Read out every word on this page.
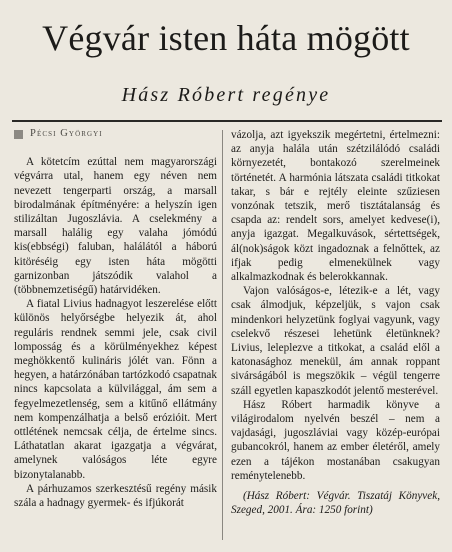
Végvár isten háta mögött
Hász Róbert regénye
Pécsi Györgyi

A kötetcím ezúttal nem magyarországi végvárra utal, hanem egy néven nem nevezett tengerparti ország, a marsall birodalmának építményére: a helyszín igen stilizáltan Jugoszlávia. A cselekmény a marsall halálig egy valaha jómódú kis(ebbségi) faluban, halálától a háború kitöréséig egy isten háta mögötti garnizonban játszódik valahol a (többnemzetiségű) határvidéken.

A fiatal Livius hadnagyot leszerelése előtt különös helyőrségbe helyezik át, ahol reguláris rendnek semmi jele, csak civil lomposság és a körülményekhez képest meghökkentő kulináris jólét van. Fönn a hegyen, a határzónában tartózkodó csapatnak nincs kapcsolata a külvilággal, ám sem a fegyelmezetlenség, sem a kitűnő ellátmány nem kompenzálhatja a belső erózióit. Mert ottlétének nemcsak célja, de értelme sincs. Láthatatlan akarat igazgatja a végvárat, amelynek valóságos léte egyre bizonytalanabb.

A párhuzamos szerkesztésű regény másik szála a hadnagy gyermek- és ifjúkorát

vázolja, azt igyekszik megértetni, értelmezni: az anyja halála után szétzilálódó családi környezetét, bontakozó szerelmeinek történetét. A harmónia látszata családi titkokat takar, s bár e rejtély eleinte szűziesen vonzónak tetszik, merő tisztátalanság és csapda az: rendelt sors, amelyet kedvese(i), anyja igazgat. Megalkuvások, sértettségek, ál(nok)ságok közt ingadoznak a felnőttek, az ifjak pedig elmenekülnek vagy alkalmazkodnak és belerokkannak.

Vajon valóságos-e, létezik-e a lét, vagy csak álmodjuk, képzeljük, s vajon csak mindenkori helyzetünk foglyai vagyunk, vagy cselekvő részesei lehetünk életünknek? Livius, leleplezve a titkokat, a család elől a katonasághoz menekül, ám annak roppant sivárságából is megszökik – végül tengerre száll egyetlen kapaszkodót jelentő mesterével.

Hász Róbert harmadik könyve a világirodalom nyelvén beszél – nem a vajdasági, jugoszláviai vagy közép-európai gubancokról, hanem az ember életéről, amely ezen a tájékon mostanában csakugyan reménytelenebb.

(Hász Róbert: Végvár. Tiszatáj Könyvek, Szeged, 2001. Ára: 1250 forint)
